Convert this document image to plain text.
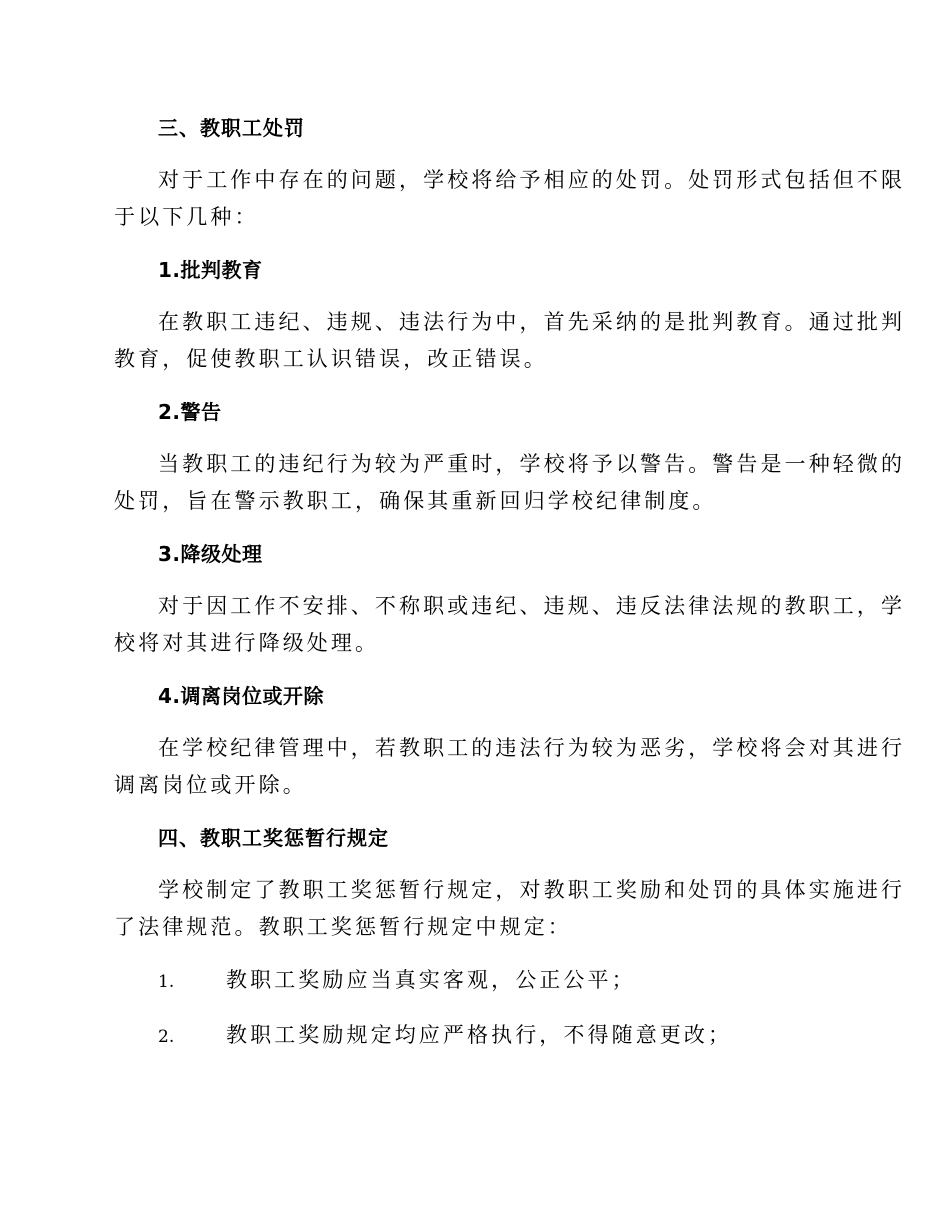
三、教职工处罚
对于工作中存在的问题，学校将给予相应的处罚。处罚形式包括但不限
于以下几种：
1.批判教育
在教职工违纪、违规、违法行为中，首先采纳的是批判教育。通过批判
教育，促使教职工认识错误，改正错误。
2.警告
当教职工的违纪行为较为严重时，学校将予以警告。警告是一种轻微的
处罚，旨在警示教职工，确保其重新回归学校纪律制度。
3.降级处理
对于因工作不安排、不称职或违纪、违规、违反法律法规的教职工，学
校将对其进行降级处理。
4.调离岗位或开除
在学校纪律管理中，若教职工的违法行为较为恶劣，学校将会对其进行
调离岗位或开除。
四、教职工奖惩暂行规定
学校制定了教职工奖惩暂行规定，对教职工奖励和处罚的具体实施进行
了法律规范。教职工奖惩暂行规定中规定：
1. 教职工奖励应当真实客观，公正公平；
2. 教职工奖励规定均应严格执行，不得随意更改；
